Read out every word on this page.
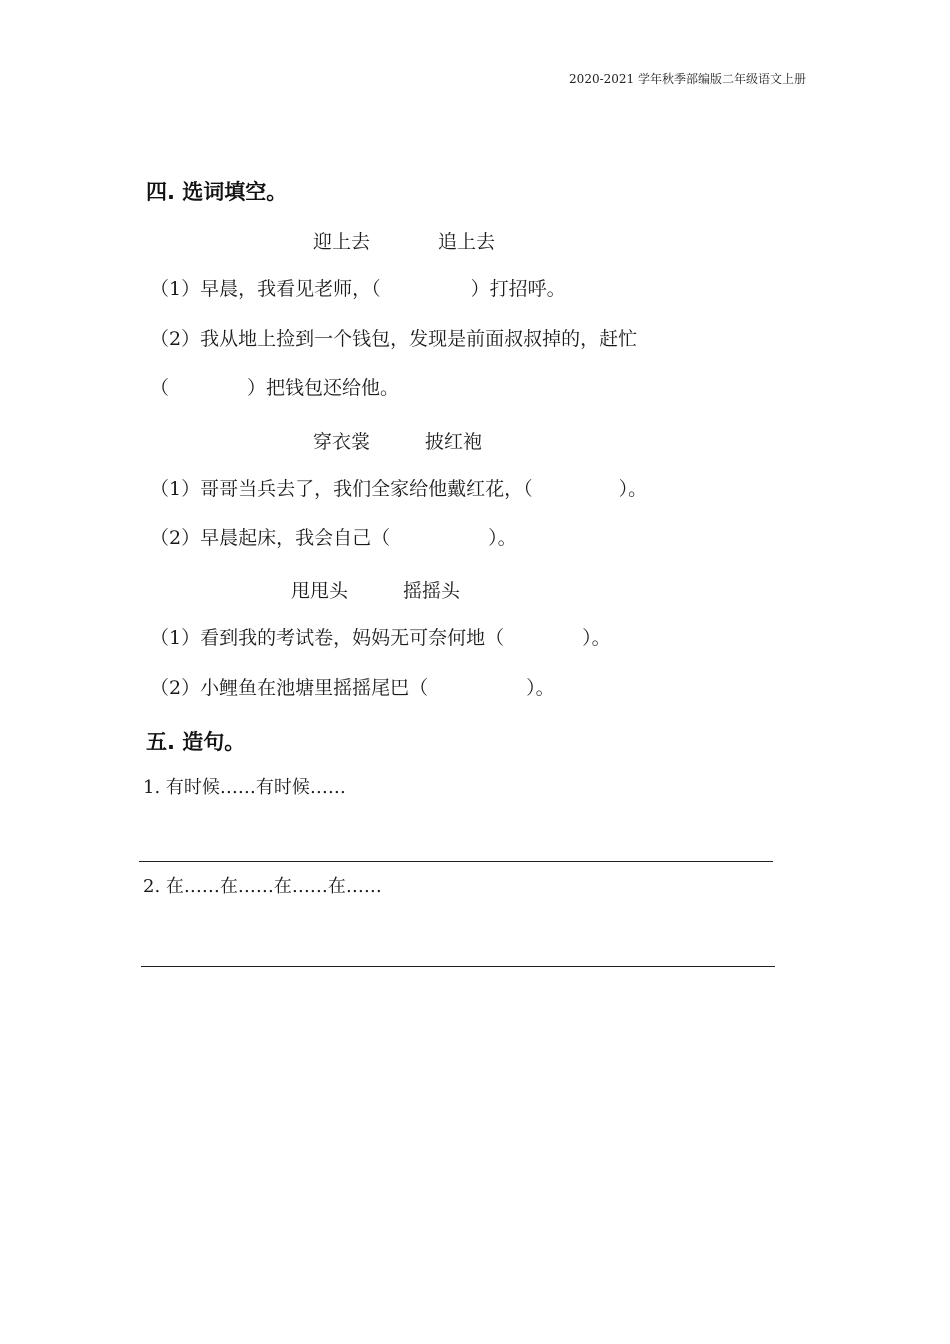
2020-2021 学年秋季部编版二年级语文上册
四. 选词填空。
迎上去	追上去
（1）早晨，我看见老师，（	）打招呼。
（2）我从地上捡到一个钱包，发现是前面叔叔掉的，赶忙
（	）把钱包还给他。
穿衣裳	披红袍
（1）哥哥当兵去了，我们全家给他戴红花，（	）。
（2）早晨起床，我会自己（	）。
甩甩头	摇摇头
（1）看到我的考试卷，妈妈无可奈何地（	）。
（2）小鲤鱼在池塘里摇摇尾巴（	）。
五. 造句。
1. 有时候……有时候……
2. 在……在……在……在……
